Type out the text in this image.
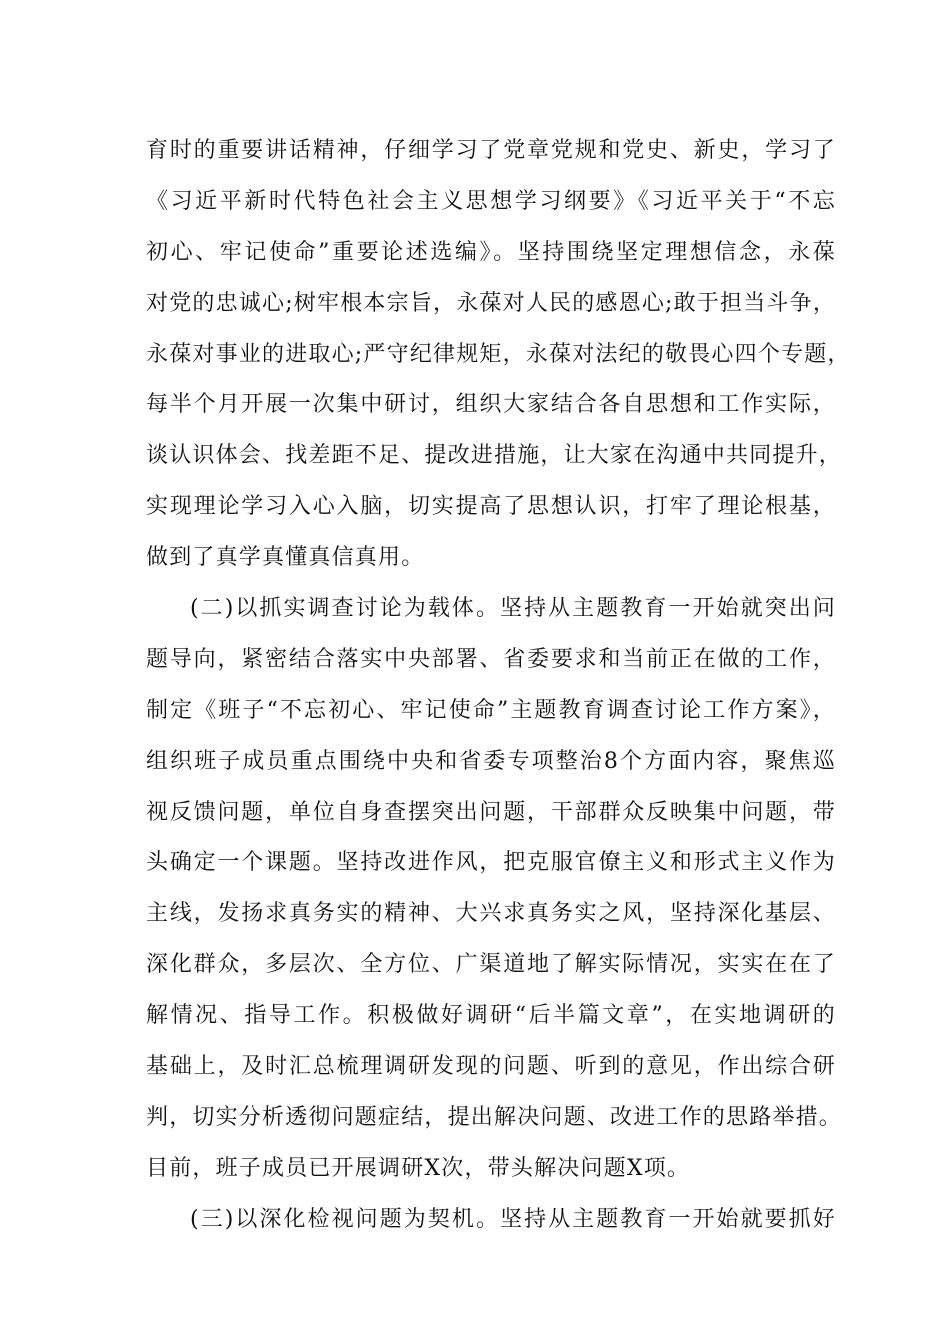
育时的重要讲话精神，仔细学习了党章党规和党史、新史，学习了
《习近平新时代特色社会主义思想学习纲要》《习近平关于“不忘
初心、牢记使命”重要论述选编》。坚持围绕坚定理想信念，永葆
对党的忠诚心;树牢根本宗旨，永葆对人民的感恩心;敢于担当斗争，
永葆对事业的进取心;严守纪律规矩，永葆对法纪的敬畏心四个专题，
每半个月开展一次集中研讨，组织大家结合各自思想和工作实际，
谈认识体会、找差距不足、提改进措施，让大家在沟通中共同提升，
实现理论学习入心入脑，切实提高了思想认识，打牢了理论根基，
做到了真学真懂真信真用。
(二)以抓实调查讨论为载体。坚持从主题教育一开始就突出问
题导向，紧密结合落实中央部署、省委要求和当前正在做的工作，
制定《班子“不忘初心、牢记使命”主题教育调查讨论工作方案》，
组织班子成员重点围绕中央和省委专项整治8个方面内容，聚焦巡
视反馈问题，单位自身查摆突出问题，干部群众反映集中问题，带
头确定一个课题。坚持改进作风，把克服官僚主义和形式主义作为
主线，发扬求真务实的精神、大兴求真务实之风，坚持深化基层、
深化群众，多层次、全方位、广渠道地了解实际情况，实实在在了
解情况、指导工作。积极做好调研“后半篇文章”，在实地调研的
基础上，及时汇总梳理调研发现的问题、听到的意见，作出综合研
判，切实分析透彻问题症结，提出解决问题、改进工作的思路举措。
目前，班子成员已开展调研X次，带头解决问题X项。
(三)以深化检视问题为契机。坚持从主题教育一开始就要抓好
